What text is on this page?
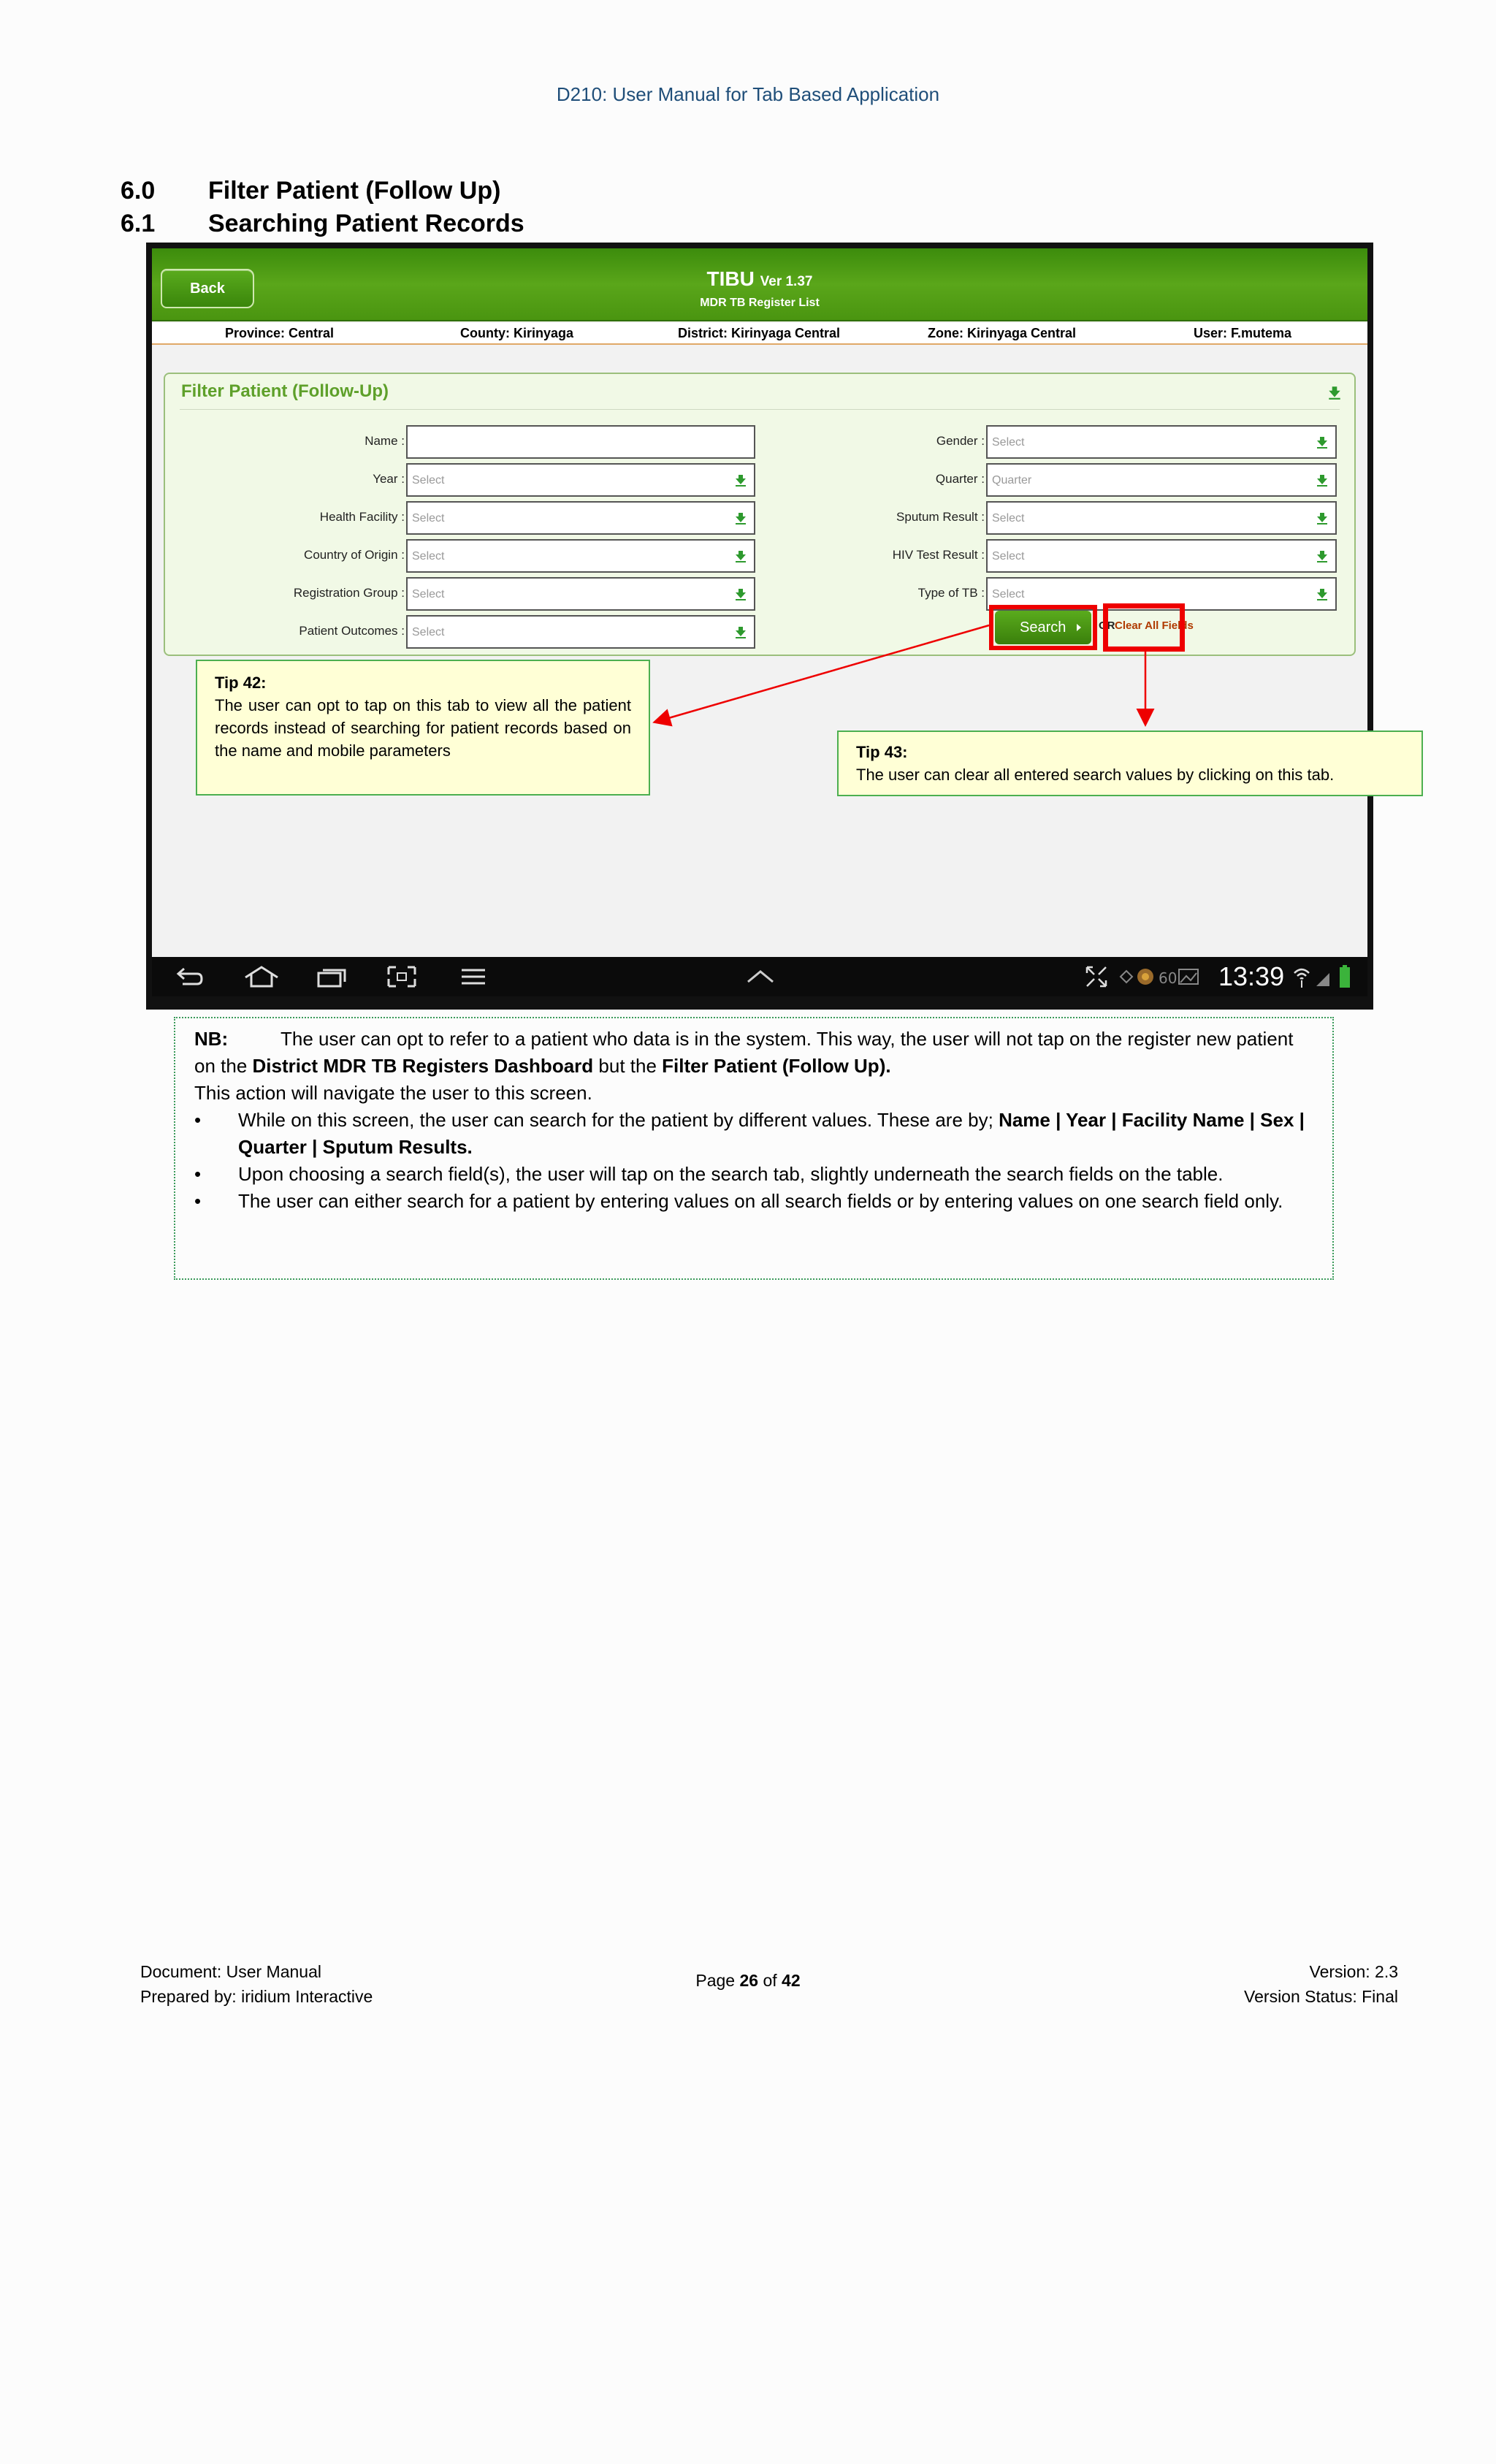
D210: User Manual for Tab Based Application
6.0 Filter Patient (Follow Up)
6.1 Searching Patient Records
Back	TIBU Ver 1.37
MDR TB Register List
Province: Central	County: Kirinyaga	District: Kirinyaga Central	Zone: Kirinyaga Central	User: F.mutema
Filter Patient (Follow-Up)
Name :
Year : Select
Health Facility : Select
Country of Origin : Select
Registration Group : Select
Patient Outcomes : Select
Gender : Select
Quarter : Quarter
Sputum Result : Select
HIV Test Result : Select
Type of TB : Select
Search	OR Clear All Fields
Tip 42:
The user can opt to tap on this tab to view all the patient records instead of searching for patient records based on the name and mobile parameters	Tip 43:
The user can clear all entered search values by clicking on this tab.
60 13:39

NB:	The user can opt to refer to a patient who data is in the system. This way, the user will not tap on the register new patient on the District MDR TB Registers Dashboard but the Filter Patient (Follow Up).

This action will navigate the user to this screen.

• While on this screen, the user can search for the patient by different values. These are by; Name | Year | Facility Name | Sex | Quarter | Sputum Results.
• Upon choosing a search field(s), the user will tap on the search tab, slightly underneath the search fields on the table.
• The user can either search for a patient by entering values on all search fields or by entering values on one search field only.
Document: User Manual
Prepared by: iridium Interactive
Page 26 of 42	Version: 2.3
Version Status: Final
